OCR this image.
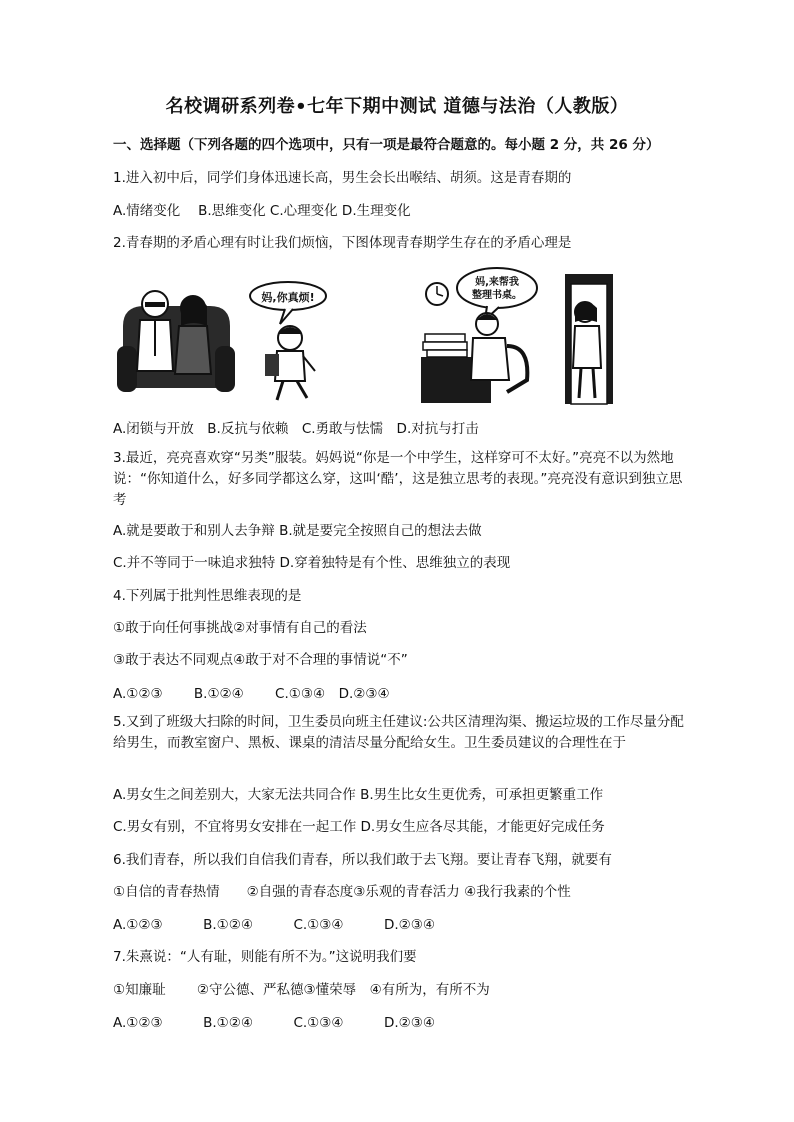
名校调研系列卷•七年下期中测试 道德与法治（人教版）
一、选择题（下列各题的四个选项中，只有一项是最符合题意的。每小题 2 分，共 26 分）
1.进入初中后，同学们身体迅速长高，男生会长出喉结、胡须。这是青春期的
A.情绪变化　 B.思维变化 C.心理变化 D.生理变化
2.青春期的矛盾心理有时让我们烦恼，下图体现青春期学生存在的矛盾心理是
妈,你真烦!
妈,来帮我
整理书桌。
A.闭锁与开放　B.反抗与依赖　C.勇敢与怯懦　D.对抗与打击
3.最近，亮亮喜欢穿“另类”服装。妈妈说“你是一个中学生，这样穿可不太好。”亮亮不以为然地说：“你知道什么，好多同学都这么穿，这叫‘酷’，这是独立思考的表现。”亮亮没有意识到独立思考
A.就是要敢于和别人去争辩 B.就是要完全按照自己的想法去做
C.并不等同于一味追求独特 D.穿着独特是有个性、思维独立的表现
4.下列属于批判性思维表现的是
①敢于向任何事挑战②对事情有自己的看法
③敢于表达不同观点④敢于对不合理的事情说“不”
A.①②③　　 B.①②④　　 C.①③④　D.②③④
5.又到了班级大扫除的时间，卫生委员向班主任建议:公共区清理沟渠、搬运垃圾的工作尽量分配给男生，而教室窗户、黑板、课桌的清洁尽量分配给女生。卫生委员建议的合理性在于
A.男女生之间差别大，大家无法共同合作 B.男生比女生更优秀，可承担更繁重工作
C.男女有别，不宜将男女安排在一起工作 D.男女生应各尽其能，才能更好完成任务
6.我们青春，所以我们自信我们青春，所以我们敢于去飞翔。要让青春飞翔，就要有
①自信的青春热情　　②自强的青春态度③乐观的青春活力 ④我行我素的个性
A.①②③　　　B.①②④　　　C.①③④　　　D.②③④
7.朱熹说：“人有耻，则能有所不为。”这说明我们要
①知廉耻　　 ②守公德、严私德③懂荣辱　④有所为，有所不为
A.①②③　　　B.①②④　　　C.①③④　　　D.②③④
